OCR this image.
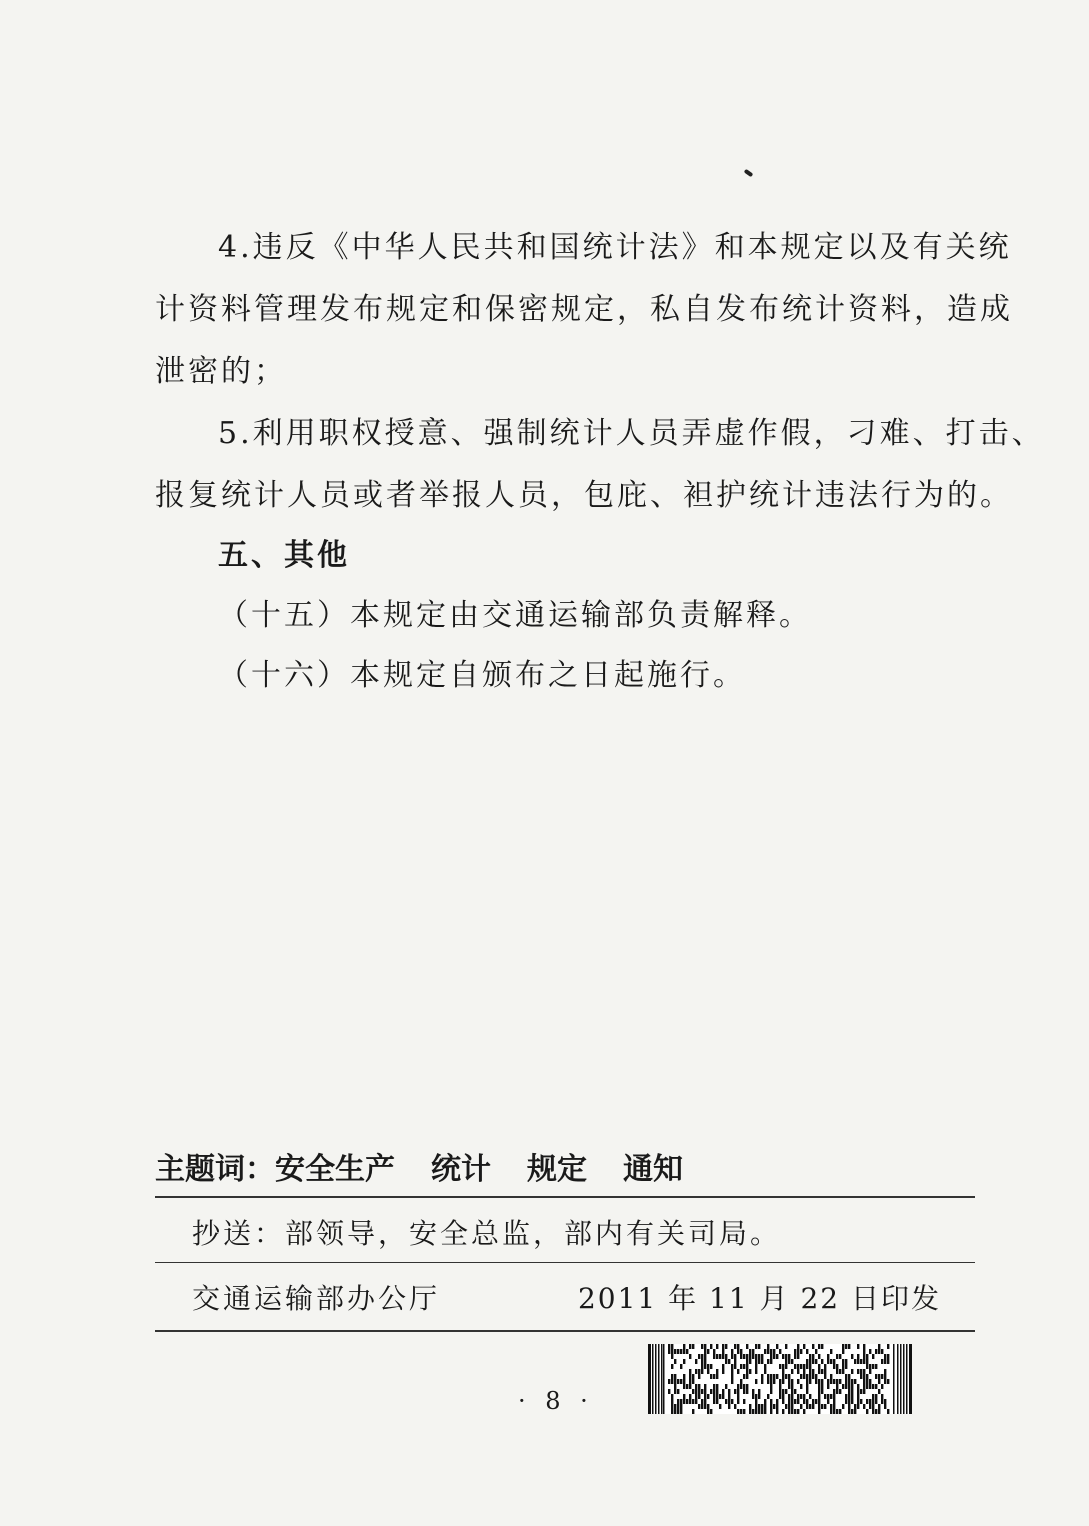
4.违反《中华人民共和国统计法》和本规定以及有关统
计资料管理发布规定和保密规定，私自发布统计资料，造成
泄密的；
5.利用职权授意、强制统计人员弄虚作假，刁难、打击、
报复统计人员或者举报人员，包庇、袒护统计违法行为的。
五、其他
（十五）本规定由交通运输部负责解释。
（十六）本规定自颁布之日起施行。
主题词：安全生产 统计 规定 通知
抄送：部领导，安全总监，部内有关司局。
交通运输部办公厅	2011 年 11 月 22 日印发
· 8 ·
